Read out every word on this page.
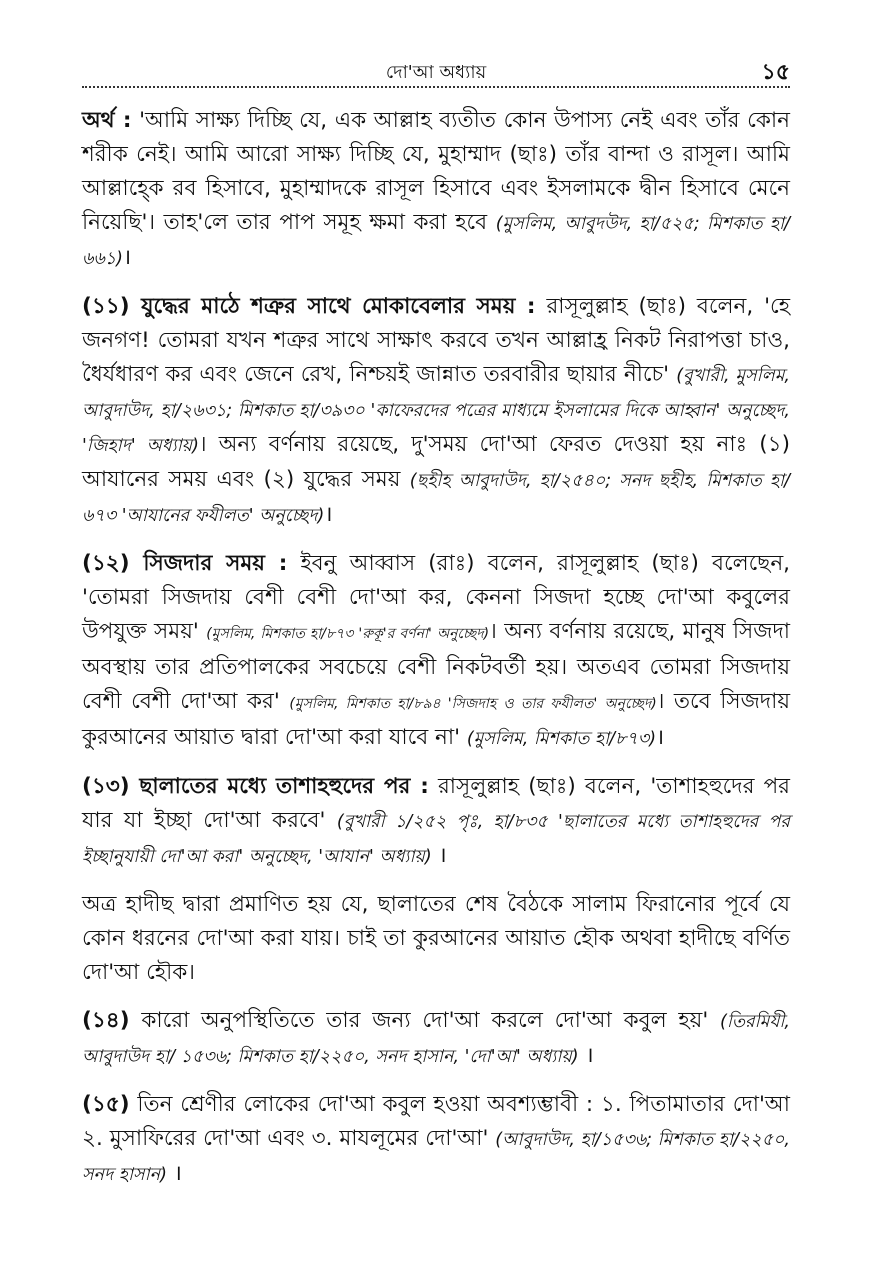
দো'আ অধ্যায়	১৫

অর্থ : 'আমি সাক্ষ্য দিচ্ছি যে, এক আল্লাহ ব্যতীত কোন উপাস্য নেই এবং তাঁর কোন শরীক নেই। আমি আরো সাক্ষ্য দিচ্ছি যে, মুহাম্মাদ (ছাঃ) তাঁর বান্দা ও রাসূল। আমি আল্লাহ্কে রব হিসাবে, মুহাম্মাদকে রাসূল হিসাবে এবং ইসলামকে দ্বীন হিসাবে মেনে নিয়েছি'। তাহ'লে তার পাপ সমূহ ক্ষমা করা হবে (মুসলিম, আবুদউদ, হা/৫২৫; মিশকাত হা/৬৬১)।

(১১) যুদ্ধের মাঠে শত্রুর সাথে মোকাবেলার সময় : রাসূলুল্লাহ (ছাঃ) বলেন, 'হে জনগণ! তোমরা যখন শত্রুর সাথে সাক্ষাৎ করবে তখন আল্লাহ্র নিকট নিরাপত্তা চাও, ধৈর্যধারণ কর এবং জেনে রেখ, নিশ্চয়ই জান্নাত তরবারীর ছায়ার নীচে' (বুখারী, মুসলিম, আবুদাউদ, হা/২৬৩১; মিশকাত হা/৩৯৩০ 'কাফেরদের পত্রের মাধ্যমে ইসলামের দিকে আহ্বান' অনুচ্ছেদ, 'জিহাদ' অধ্যায়)। অন্য বর্ণনায় রয়েছে, দু'সময় দো'আ ফেরত দেওয়া হয় নাঃ (১) আযানের সময় এবং (২) যুদ্ধের সময় (ছহীহ আবুদাউদ, হা/২৫৪০; সনদ ছহীহ, মিশকাত হা/৬৭৩ 'আযানের ফযীলত' অনুচ্ছেদ)।

(১২) সিজদার সময় : ইবনু আব্বাস (রাঃ) বলেন, রাসূলুল্লাহ (ছাঃ) বলেছেন, 'তোমরা সিজদায় বেশী বেশী দো'আ কর, কেননা সিজদা হচ্ছে দো'আ কবুলের উপযুক্ত সময়' (মুসলিম, মিশকাত হা/৮৭৩ 'রুকূ'র বর্ণনা' অনুচ্ছেদ)। অন্য বর্ণনায় রয়েছে, মানুষ সিজদা অবস্থায় তার প্রতিপালকের সবচেয়ে বেশী নিকটবর্তী হয়। অতএব তোমরা সিজদায় বেশী বেশী দো'আ কর' (মুসলিম, মিশকাত হা/৮৯৪ 'সিজদাহ ও তার ফযীলত' অনুচ্ছেদ)। তবে সিজদায় কুরআনের আয়াত দ্বারা দো'আ করা যাবে না' (মুসলিম, মিশকাত হা/৮৭৩)।

(১৩) ছালাতের মধ্যে তাশাহহুদের পর : রাসূলুল্লাহ (ছাঃ) বলেন, 'তাশাহহুদের পর যার যা ইচ্ছা দো'আ করবে' (বুখারী ১/২৫২ পৃঃ, হা/৮৩৫ 'ছালাতের মধ্যে তাশাহহুদের পর ইচ্ছানুযায়ী দো'আ করা' অনুচ্ছেদ, 'আযান' অধ্যায়) ।

অত্র হাদীছ দ্বারা প্রমাণিত হয় যে, ছালাতের শেষ বৈঠকে সালাম ফিরানোর পূর্বে যে কোন ধরনের দো'আ করা যায়। চাই তা কুরআনের আয়াত হৌক অথবা হাদীছে বর্ণিত দো'আ হৌক।

(১৪) কারো অনুপস্থিতিতে তার জন্য দো'আ করলে দো'আ কবুল হয়' (তিরমিযী, আবুদাউদ হা/ ১৫৩৬; মিশকাত হা/২২৫০, সনদ হাসান, 'দো'আ' অধ্যায়) ।

(১৫) তিন শ্রেণীর লোকের দো'আ কবুল হওয়া অবশ্যম্ভাবী : ১. পিতামাতার দো'আ ২. মুসাফিরের দো'আ এবং ৩. মাযলূমের দো'আ' (আবুদাউদ, হা/১৫৩৬; মিশকাত হা/২২৫০, সনদ হাসান) ।
